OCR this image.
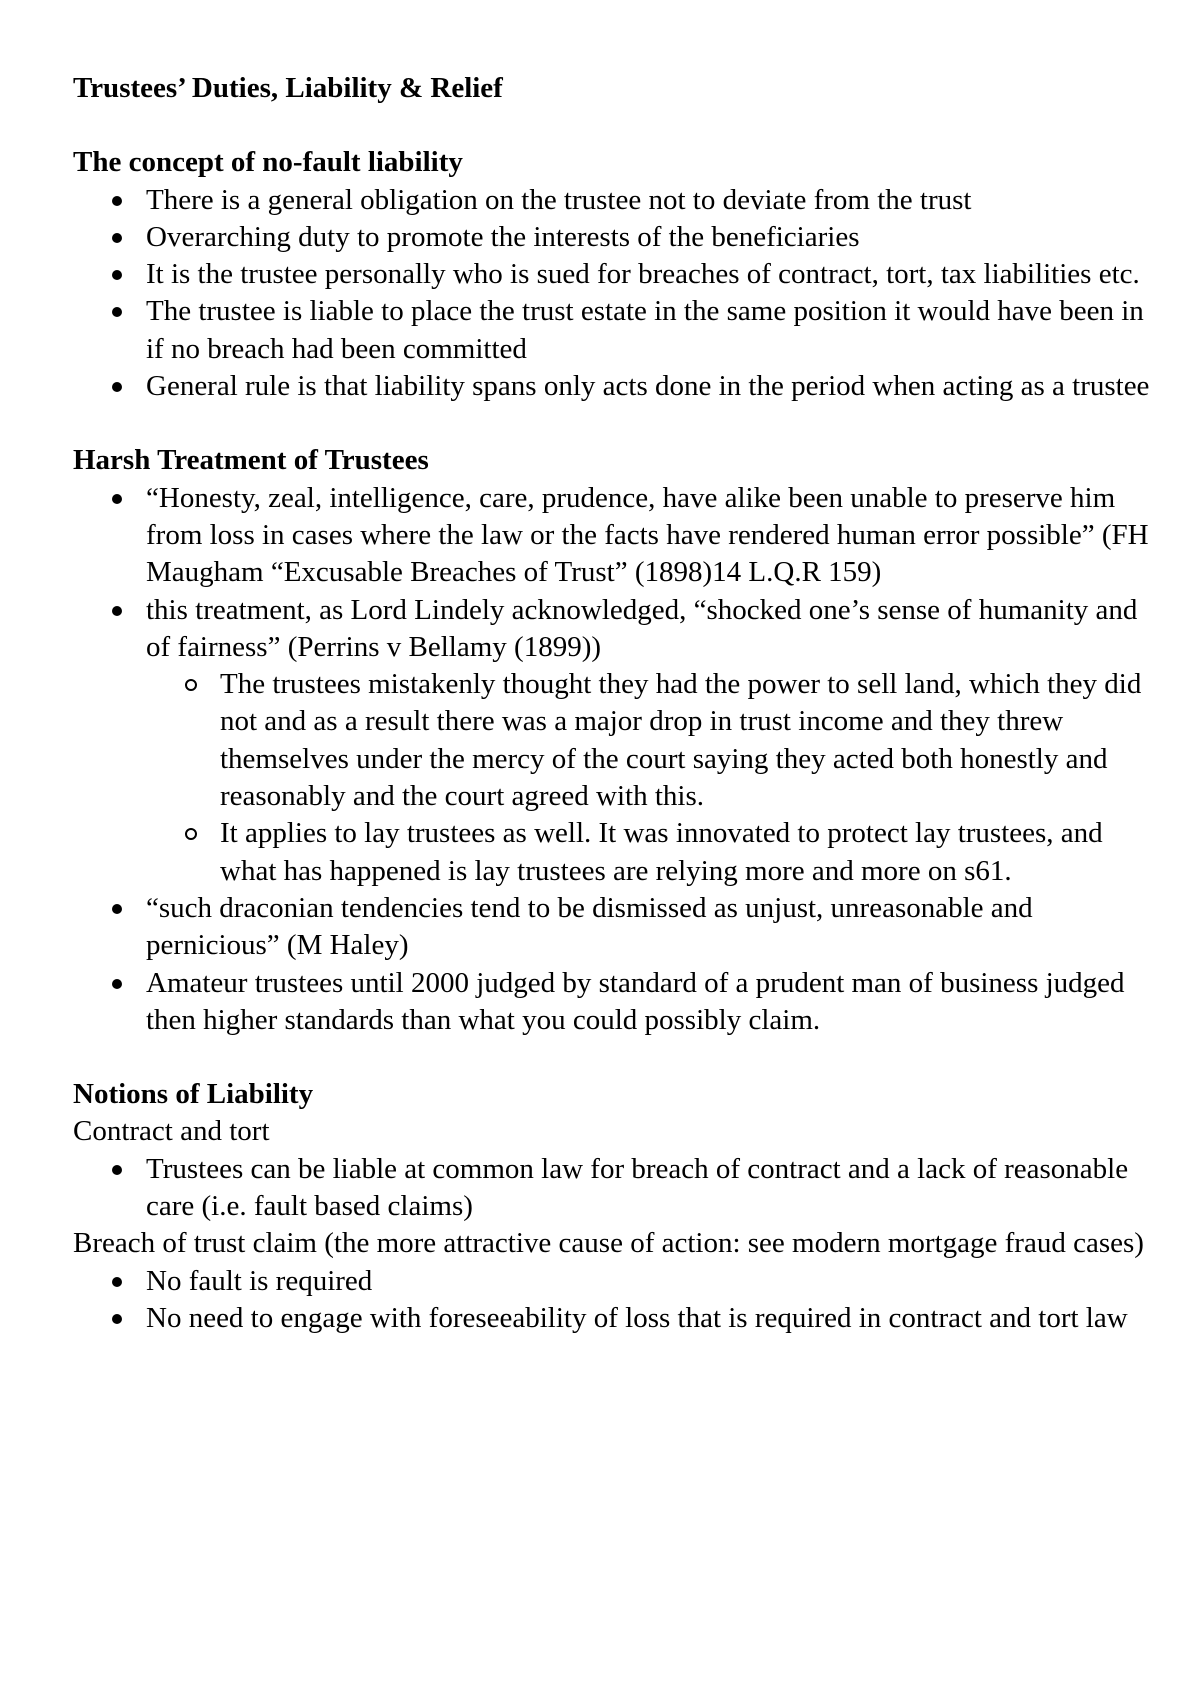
Trustees’ Duties, Liability & Relief

The concept of no-fault liability

There is a general obligation on the trustee not to deviate from the trust
Overarching duty to promote the interests of the beneficiaries
It is the trustee personally who is sued for breaches of contract, tort, tax liabilities etc.
The trustee is liable to place the trust estate in the same position it would have been in if no breach had been committed
General rule is that liability spans only acts done in the period when acting as a trustee

Harsh Treatment of Trustees

“Honesty, zeal, intelligence, care, prudence, have alike been unable to preserve him from loss in cases where the law or the facts have rendered human error possible” (FH Maugham “Excusable Breaches of Trust” (1898)14 L.Q.R 159)
this treatment, as Lord Lindely acknowledged, “shocked one’s sense of humanity and of fairness” (Perrins v Bellamy (1899))
The trustees mistakenly thought they had the power to sell land, which they did not and as a result there was a major drop in trust income and they threw themselves under the mercy of the court saying they acted both honestly and reasonably and the court agreed with this.
It applies to lay trustees as well. It was innovated to protect lay trustees, and what has happened is lay trustees are relying more and more on s61.
“such draconian tendencies tend to be dismissed as unjust, unreasonable and pernicious” (M Haley)
Amateur trustees until 2000 judged by standard of a prudent man of business judged then higher standards than what you could possibly claim.

Notions of Liability

Contract and tort

Trustees can be liable at common law for breach of contract and a lack of reasonable care (i.e. fault based claims)

Breach of trust claim (the more attractive cause of action: see modern mortgage fraud cases)

No fault is required
No need to engage with foreseeability of loss that is required in contract and tort law
